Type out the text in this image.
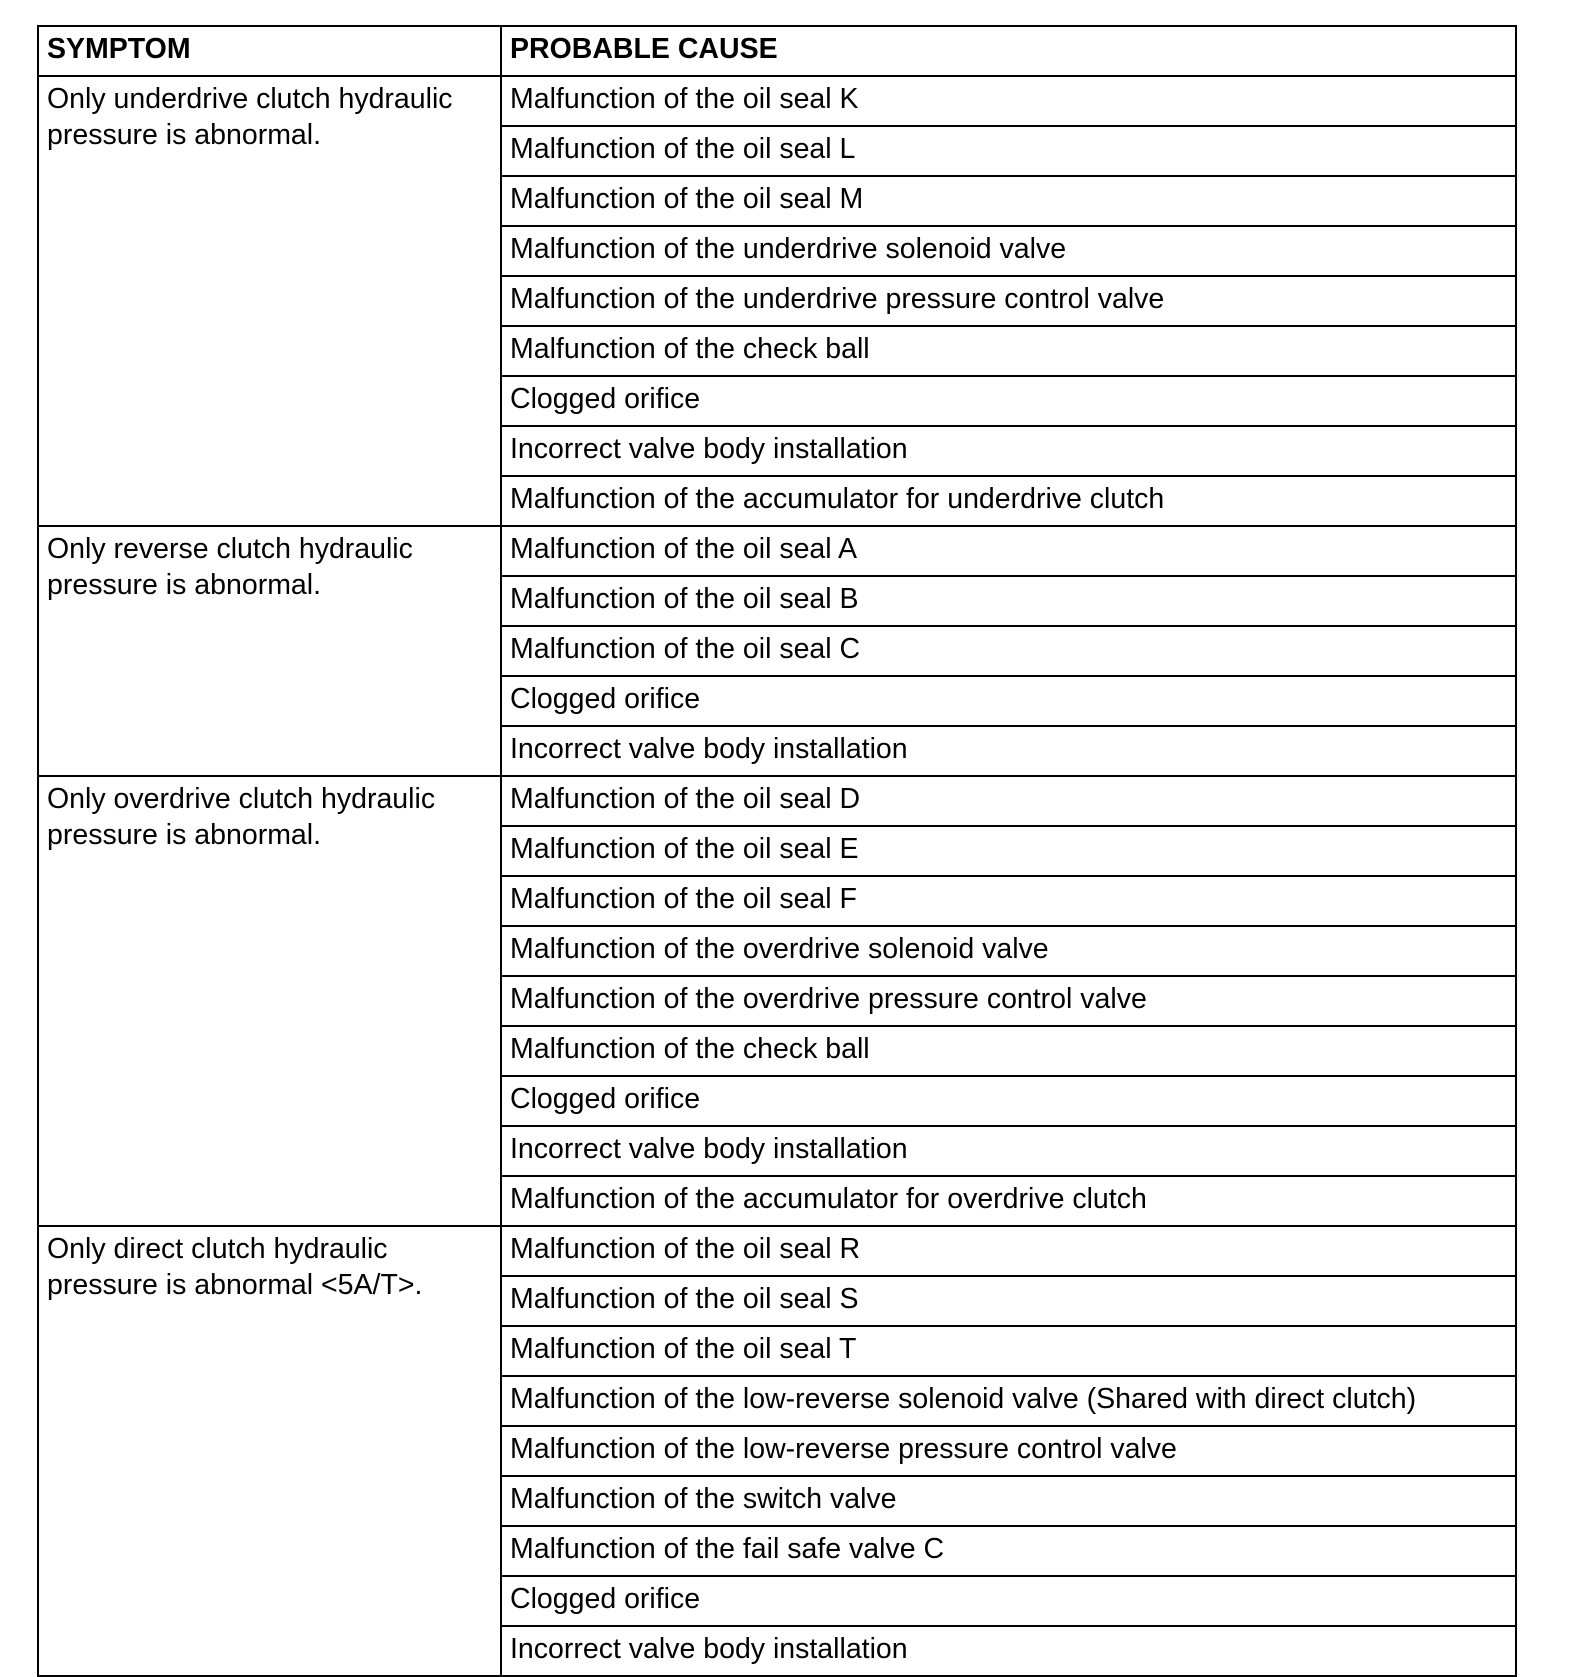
SYMPTOM	PROBABLE CAUSE
Only underdrive clutch hydraulic pressure is abnormal.	Malfunction of the oil seal K
	Malfunction of the oil seal L
	Malfunction of the oil seal M
	Malfunction of the underdrive solenoid valve
	Malfunction of the underdrive pressure control valve
	Malfunction of the check ball
	Clogged orifice
	Incorrect valve body installation
	Malfunction of the accumulator for underdrive clutch
Only reverse clutch hydraulic pressure is abnormal.	Malfunction of the oil seal A
	Malfunction of the oil seal B
	Malfunction of the oil seal C
	Clogged orifice
	Incorrect valve body installation
Only overdrive clutch hydraulic pressure is abnormal.	Malfunction of the oil seal D
	Malfunction of the oil seal E
	Malfunction of the oil seal F
	Malfunction of the overdrive solenoid valve
	Malfunction of the overdrive pressure control valve
	Malfunction of the check ball
	Clogged orifice
	Incorrect valve body installation
	Malfunction of the accumulator for overdrive clutch
Only direct clutch hydraulic pressure is abnormal <5A/T>.	Malfunction of the oil seal R
	Malfunction of the oil seal S
	Malfunction of the oil seal T
	Malfunction of the low-reverse solenoid valve (Shared with direct clutch)
	Malfunction of the low-reverse pressure control valve
	Malfunction of the switch valve
	Malfunction of the fail safe valve C
	Clogged orifice
	Incorrect valve body installation
